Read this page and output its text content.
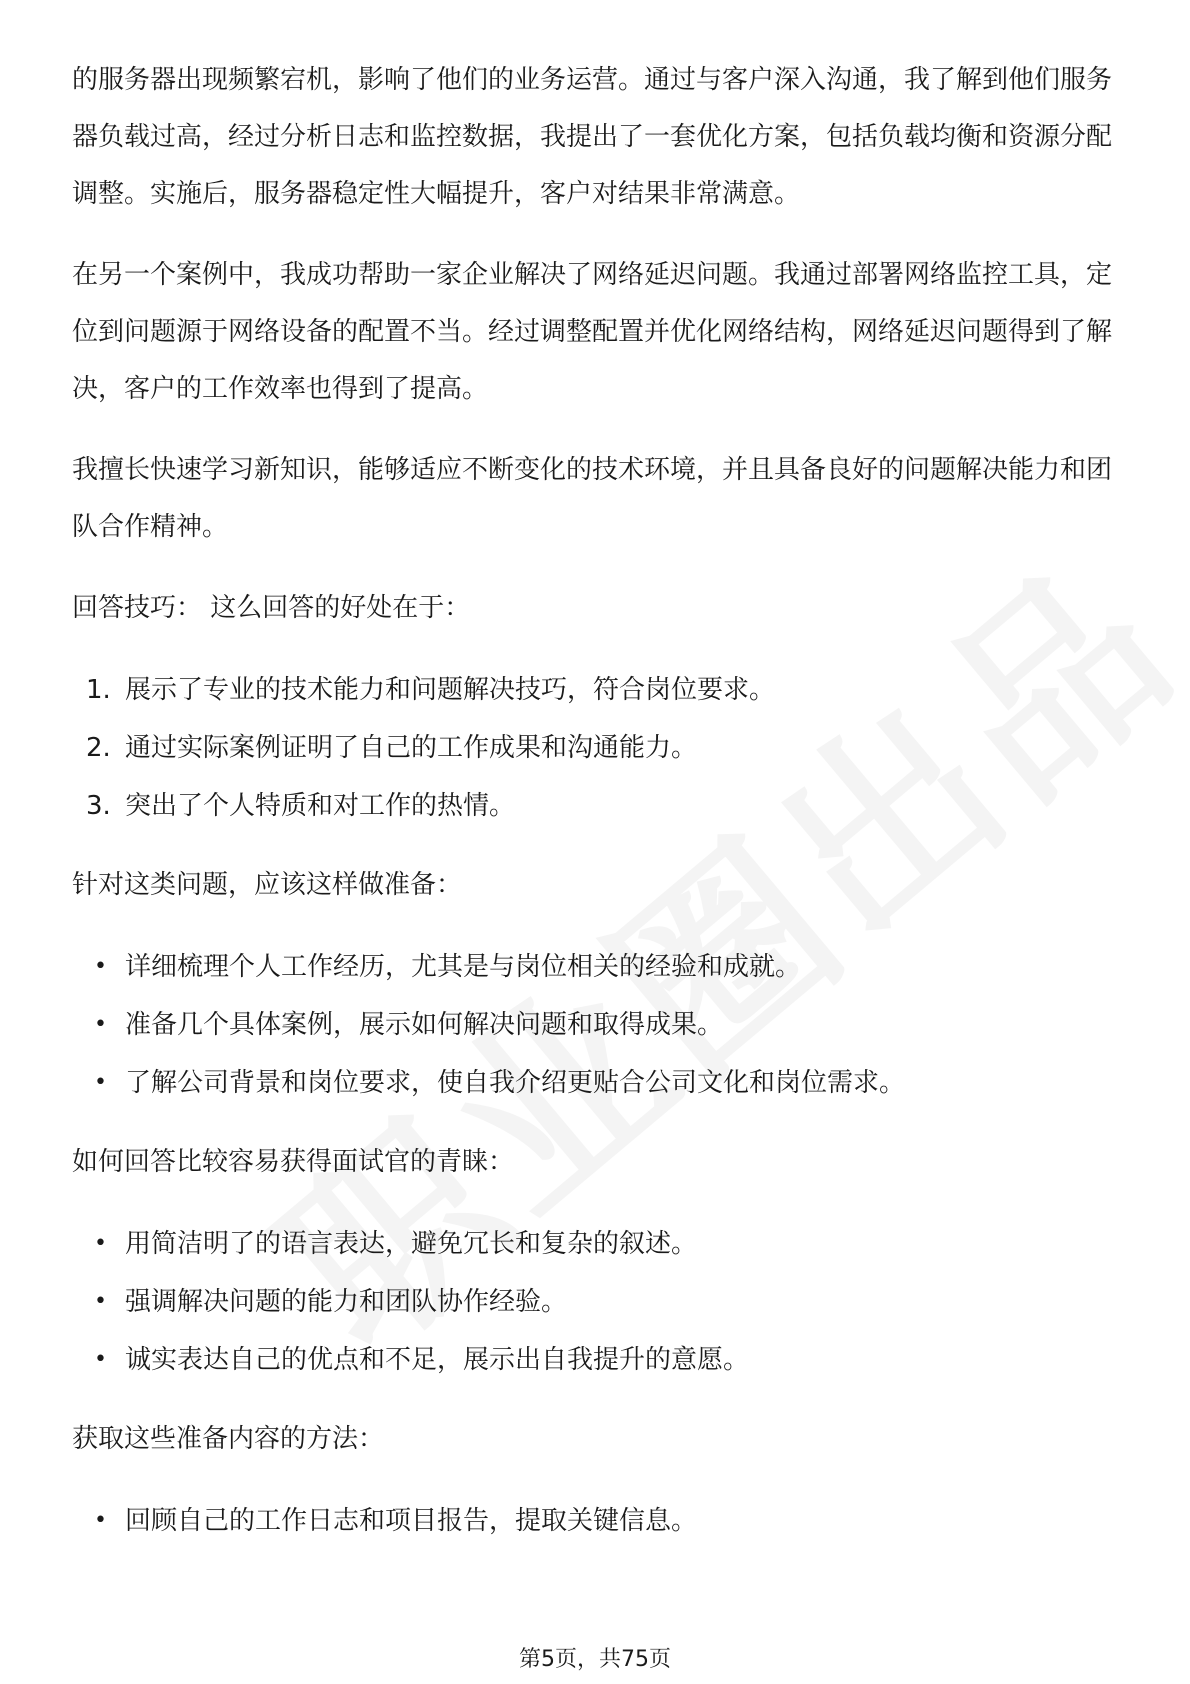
的服务器出现频繁宕机，影响了他们的业务运营。通过与客户深入沟通，我了解到他们服务器负载过高，经过分析日志和监控数据，我提出了一套优化方案，包括负载均衡和资源分配调整。实施后，服务器稳定性大幅提升，客户对结果非常满意。

在另一个案例中，我成功帮助一家企业解决了网络延迟问题。我通过部署网络监控工具，定位到问题源于网络设备的配置不当。经过调整配置并优化网络结构，网络延迟问题得到了解决，客户的工作效率也得到了提高。

我擅长快速学习新知识，能够适应不断变化的技术环境，并且具备良好的问题解决能力和团队合作精神。

回答技巧： 这么回答的好处在于：

1. 展示了专业的技术能力和问题解决技巧，符合岗位要求。
2. 通过实际案例证明了自己的工作成果和沟通能力。
3. 突出了个人特质和对工作的热情。

针对这类问题，应该这样做准备：

• 详细梳理个人工作经历，尤其是与岗位相关的经验和成就。
• 准备几个具体案例，展示如何解决问题和取得成果。
• 了解公司背景和岗位要求，使自我介绍更贴合公司文化和岗位需求。

如何回答比较容易获得面试官的青睐：

• 用简洁明了的语言表达，避免冗长和复杂的叙述。
• 强调解决问题的能力和团队协作经验。
• 诚实表达自己的优点和不足，展示出自我提升的意愿。

获取这些准备内容的方法：

• 回顾自己的工作日志和项目报告，提取关键信息。
第5页，共75页
